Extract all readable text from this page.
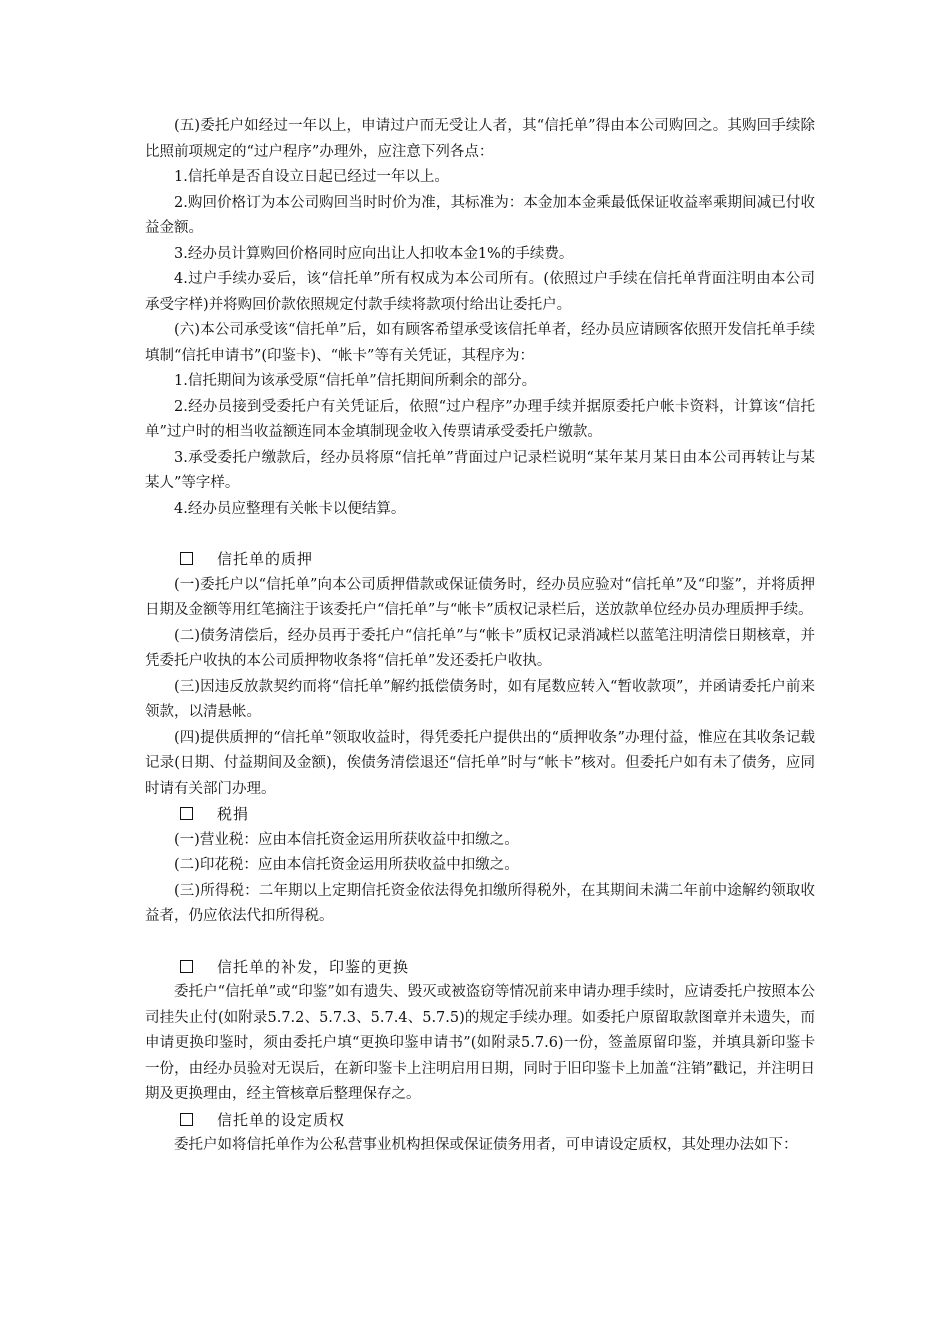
(五)委托户如经过一年以上，申请过户而无受让人者，其“信托单”得由本公司购回之。其购回手续除比照前项规定的“过户程序”办理外，应注意下列各点：

1.信托单是否自设立日起已经过一年以上。

2.购回价格订为本公司购回当时时价为准，其标准为：本金加本金乘最低保证收益率乘期间减已付收益金额。

3.经办员计算购回价格同时应向出让人扣收本金1%的手续费。

4.过户手续办妥后，该“信托单”所有权成为本公司所有。(依照过户手续在信托单背面注明由本公司承受字样)并将购回价款依照规定付款手续将款项付给出让委托户。

(六)本公司承受该“信托单”后，如有顾客希望承受该信托单者，经办员应请顾客依照开发信托单手续填制“信托申请书”(印鉴卡)、“帐卡”等有关凭证，其程序为：

1.信托期间为该承受原“信托单”信托期间所剩余的部分。

2.经办员接到受委托户有关凭证后，依照“过户程序”办理手续并据原委托户帐卡资料，计算该“信托单”过户时的相当收益额连同本金填制现金收入传票请承受委托户缴款。

3.承受委托户缴款后，经办员将原“信托单”背面过户记录栏说明“某年某月某日由本公司再转让与某某人”等字样。

4.经办员应整理有关帐卡以便结算。

信托单的质押

(一)委托户以“信托单”向本公司质押借款或保证债务时，经办员应验对“信托单”及“印鉴”，并将质押日期及金额等用红笔摘注于该委托户“信托单”与“帐卡”质权记录栏后，送放款单位经办员办理质押手续。

(二)债务清偿后，经办员再于委托户“信托单”与“帐卡”质权记录消减栏以蓝笔注明清偿日期核章，并凭委托户收执的本公司质押物收条将“信托单”发还委托户收执。

(三)因违反放款契约而将“信托单”解约抵偿债务时，如有尾数应转入“暂收款项”，并函请委托户前来领款，以清悬帐。

(四)提供质押的“信托单”领取收益时，得凭委托户提供出的“质押收条”办理付益，惟应在其收条记载记录(日期、付益期间及金额)，俟债务清偿退还“信托单”时与“帐卡”核对。但委托户如有未了债务，应同时请有关部门办理。

税捐

(一)营业税：应由本信托资金运用所获收益中扣缴之。

(二)印花税：应由本信托资金运用所获收益中扣缴之。

(三)所得税：二年期以上定期信托资金依法得免扣缴所得税外，在其期间未满二年前中途解约领取收益者，仍应依法代扣所得税。

信托单的补发，印鉴的更换

委托户“信托单”或“印鉴”如有遗失、毁灭或被盗窃等情况前来申请办理手续时，应请委托户按照本公司挂失止付(如附录5.7.2、5.7.3、5.7.4、5.7.5)的规定手续办理。如委托户原留取款图章并未遗失，而申请更换印鉴时，须由委托户填“更换印鉴申请书”(如附录5.7.6)一份，签盖原留印鉴，并填具新印鉴卡一份，由经办员验对无误后，在新印鉴卡上注明启用日期，同时于旧印鉴卡上加盖“注销”戳记，并注明日期及更换理由，经主管核章后整理保存之。

信托单的设定质权

委托户如将信托单作为公私营事业机构担保或保证债务用者，可申请设定质权，其处理办法如下：
